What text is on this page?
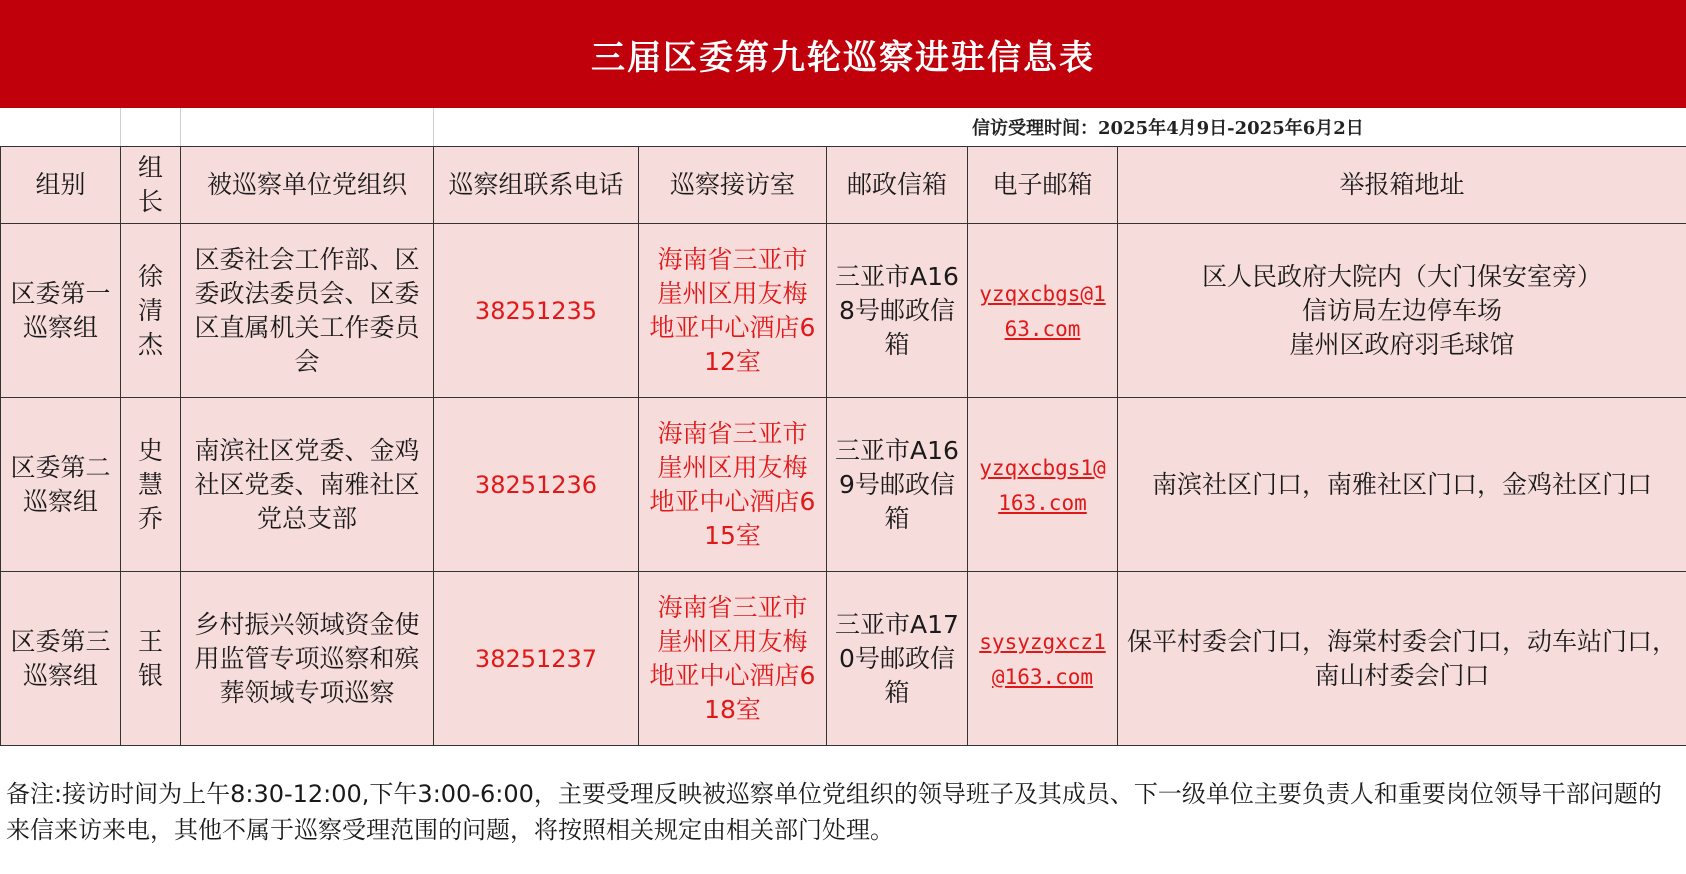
三届区委第九轮巡察进驻信息表
信访受理时间：2025年4月9日-2025年6月2日
组别	组长	被巡察单位党组织	巡察组联系电话	巡察接访室	邮政信箱	电子邮箱	举报箱地址
区委第一巡察组	徐清杰	区委社会工作部、区委政法委员会、区委区直属机关工作委员会	38251235	海南省三亚市崖州区用友梅地亚中心酒店612室	三亚市A168号邮政信箱	yzqxcbgs@163.com	区人民政府大院内（大门保安室旁）
信访局左边停车场
崖州区政府羽毛球馆

区委第二巡察组	史慧乔	南滨社区党委、金鸡社区党委、南雅社区党总支部	38251236	海南省三亚市崖州区用友梅地亚中心酒店615室	三亚市A169号邮政信箱	yzqxcbgs1@163.com	南滨社区门口，南雅社区门口，金鸡社区门口

区委第三巡察组	王银	乡村振兴领域资金使用监管专项巡察和殡葬领域专项巡察	38251237	海南省三亚市崖州区用友梅地亚中心酒店618室	三亚市A170号邮政信箱	sysyzgxcz1@163.com	保平村委会门口，海棠村委会门口，动车站门口，南山村委会门口
备注:接访时间为上午8:30-12:00,下午3:00-6:00，主要受理反映被巡察单位党组织的领导班子及其成员、下一级单位主要负责人和重要岗位领导干部问题的来信来访来电，其他不属于巡察受理范围的问题，将按照相关规定由相关部门处理。
